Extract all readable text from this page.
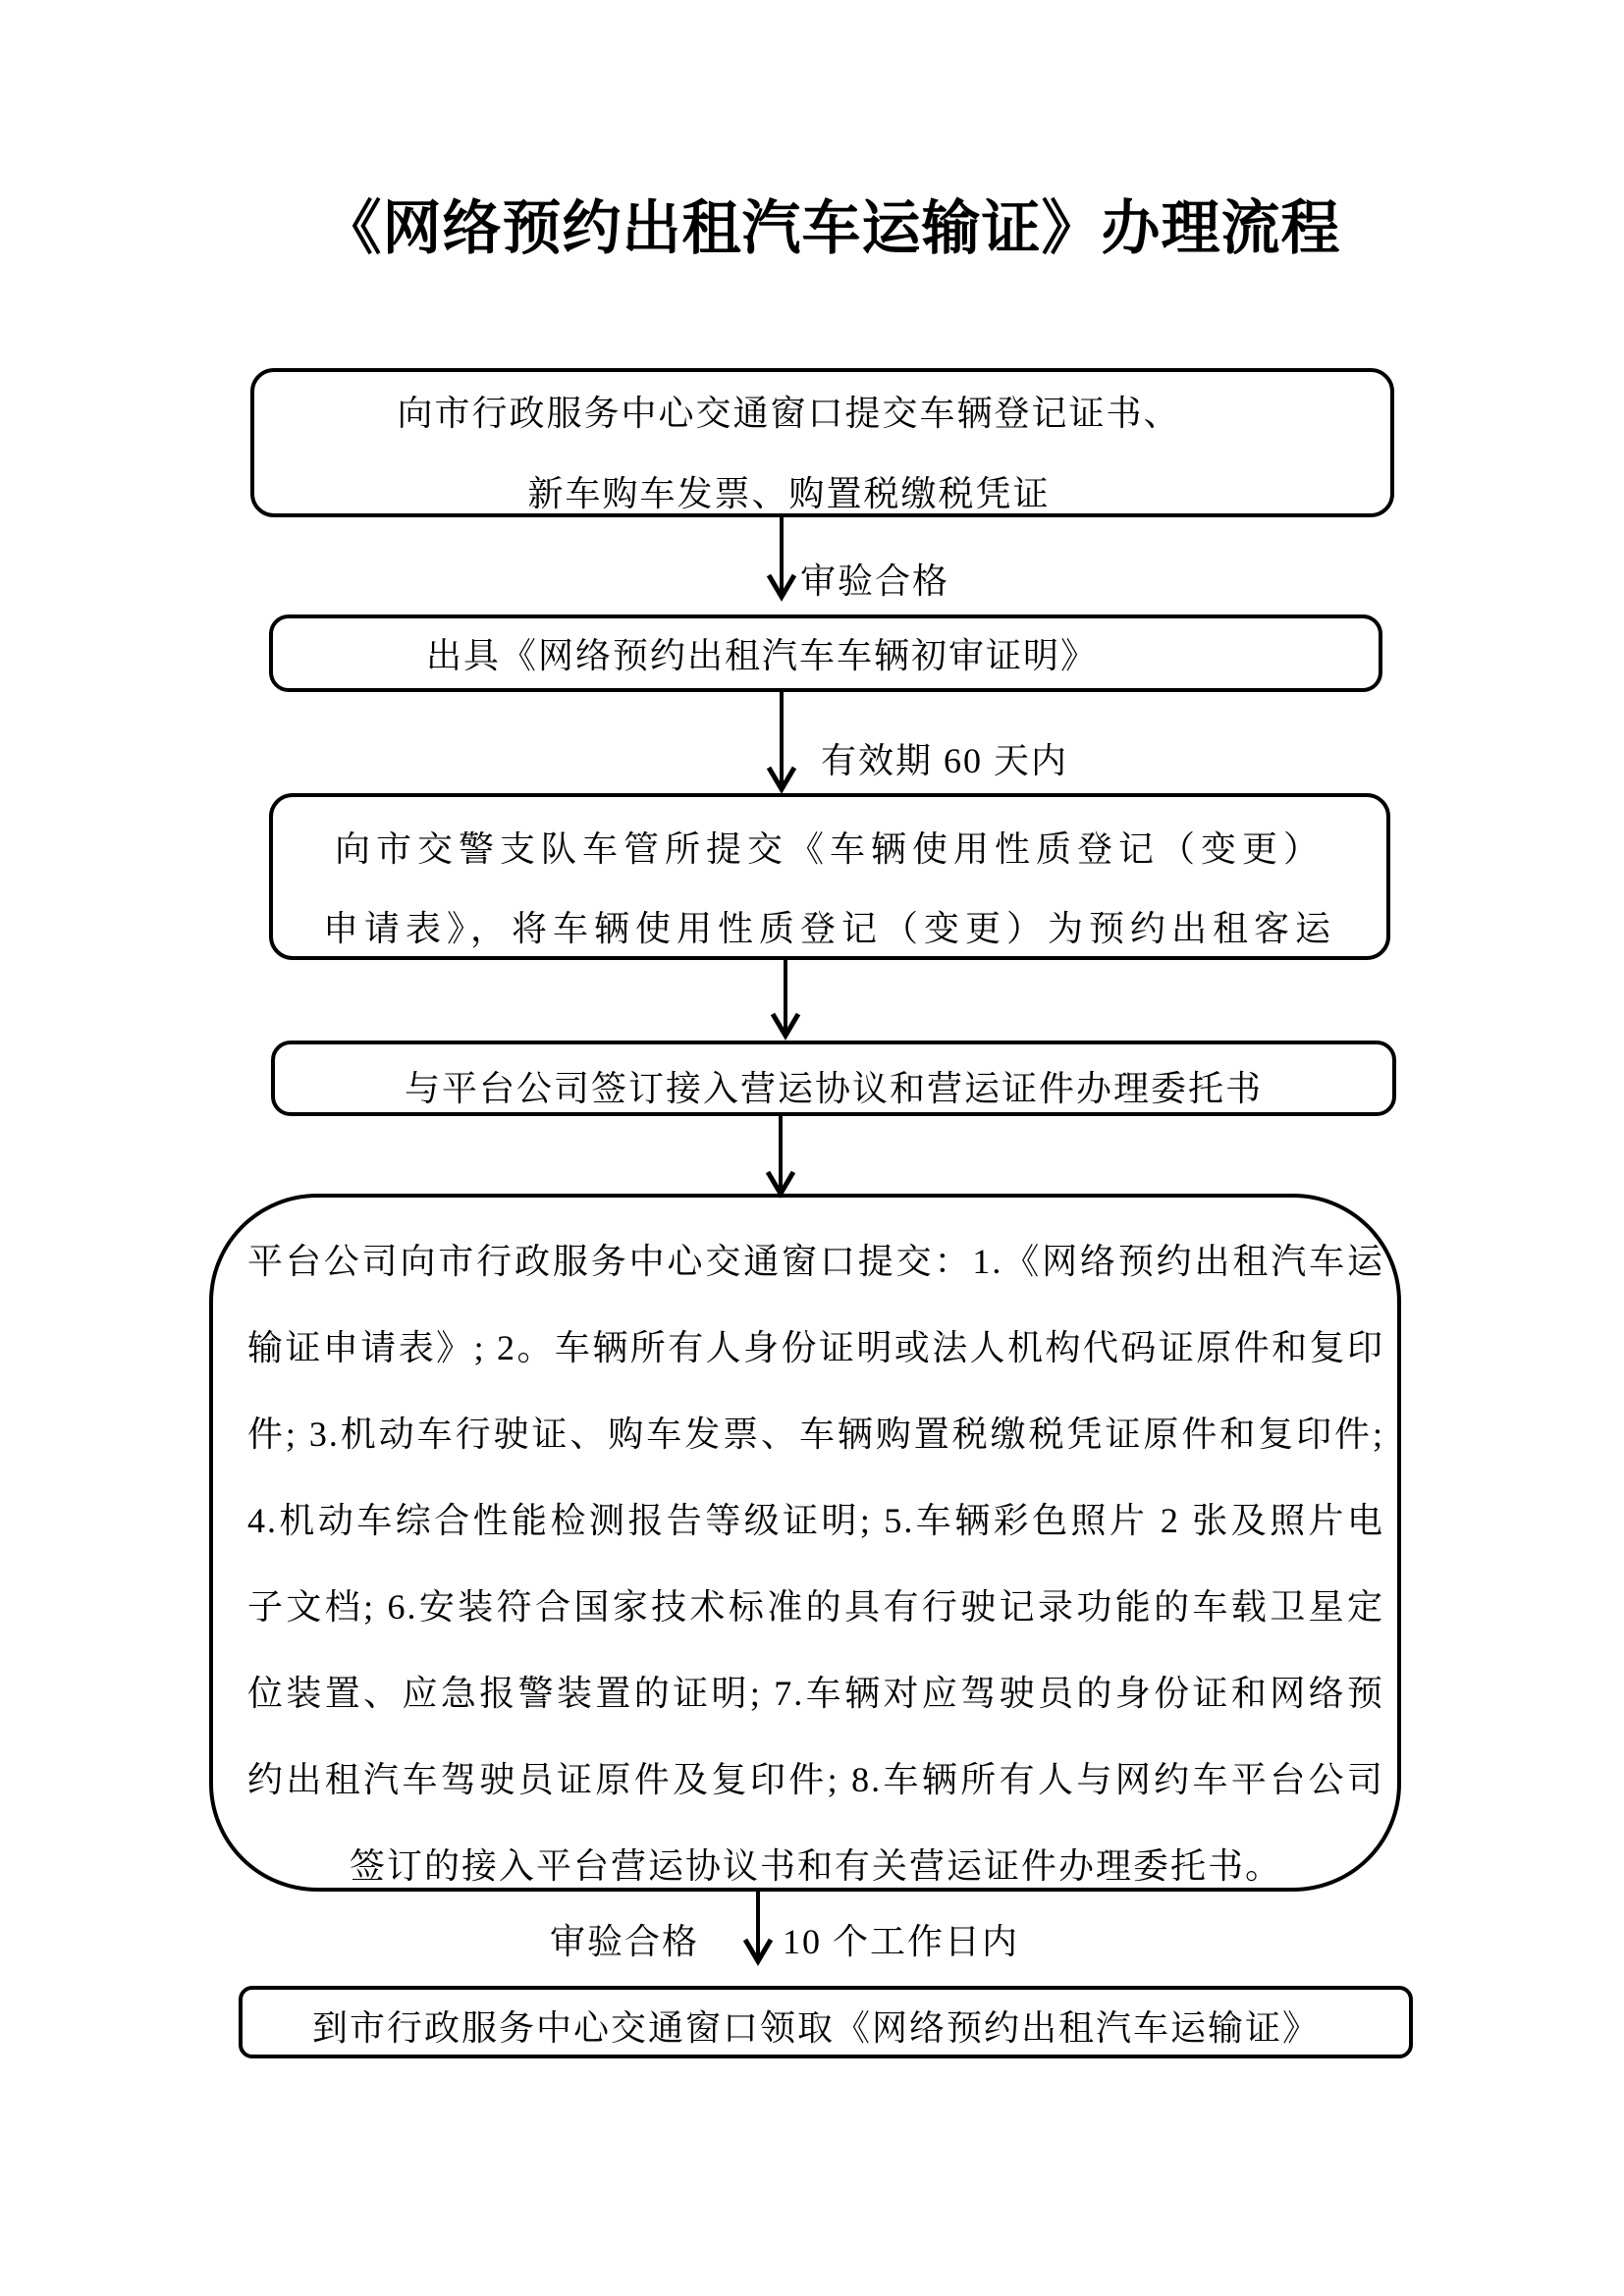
《网络预约出租汽车运输证》办理流程
向市行政服务中心交通窗口提交车辆登记证书、
新车购车发票、购置税缴税凭证
审验合格
出具《网络预约出租汽车车辆初审证明》
有效期 60 天内
向市交警支队车管所提交《车辆使用性质登记（变更）
申请表》，将车辆使用性质登记（变更）为预约出租客运
与平台公司签订接入营运协议和营运证件办理委托书
平台公司向市行政服务中心交通窗口提交：1.《网络预约出租汽车运
输证申请表》; 2。车辆所有人身份证明或法人机构代码证原件和复印
件; 3.机动车行驶证、购车发票、车辆购置税缴税凭证原件和复印件;
4.机动车综合性能检测报告等级证明; 5.车辆彩色照片 2 张及照片电
子文档; 6.安装符合国家技术标准的具有行驶记录功能的车载卫星定
位装置、应急报警装置的证明; 7.车辆对应驾驶员的身份证和网络预
约出租汽车驾驶员证原件及复印件; 8.车辆所有人与网约车平台公司
签订的接入平台营运协议书和有关营运证件办理委托书。
审验合格 10 个工作日内
到市行政服务中心交通窗口领取《网络预约出租汽车运输证》
